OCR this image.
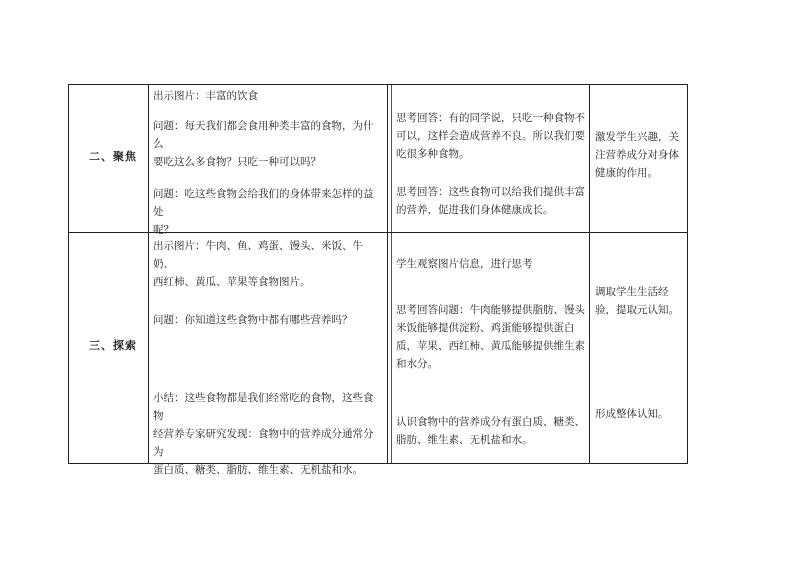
二、聚焦

出示图片：丰富的饮食

问题：每天我们都会食用种类丰富的食物，为什么
要吃这么多食物？只吃一种可以吗？

问题：吃这些食物会给我们的身体带来怎样的益处
呢？

思考回答：有的同学说，只吃一种食物不
可以，这样会造成营养不良。所以我们要
吃很多种食物。

思考回答：这些食物可以给我们提供丰富
的营养，促进我们身体健康成长。

激发学生兴趣，关
注营养成分对身体
健康的作用。

三、探索

出示图片：牛肉、鱼、鸡蛋、馒头、米饭、牛奶、
西红柿、黄瓜、苹果等食物图片。

问题：你知道这些食物中都有哪些营养吗？

小结：这些食物都是我们经常吃的食物，这些食物
经营养专家研究发现：食物中的营养成分通常分为
蛋白质、糖类、脂肪、维生素、无机盐和水。

学生观察图片信息，进行思考

思考回答问题：牛肉能够提供脂肪、馒头
米饭能够提供淀粉、鸡蛋能够提供蛋白
质，苹果、西红柿、黄瓜能够提供维生素
和水分。

认识食物中的营养成分有蛋白质、糖类、
脂肪、维生素、无机盐和水。

调取学生生活经
验，提取元认知。

形成整体认知。
